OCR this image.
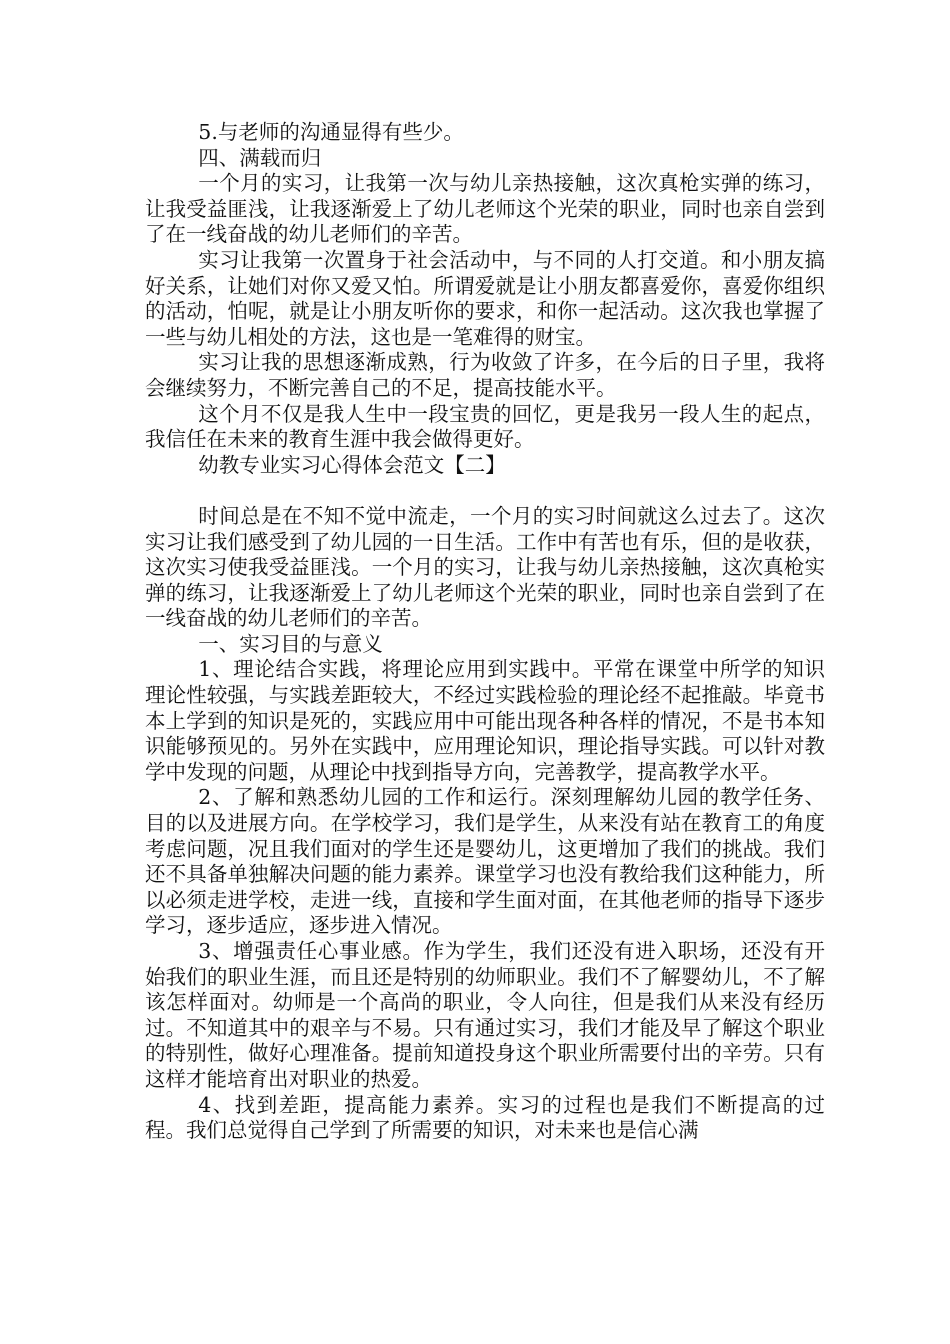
5.与老师的沟通显得有些少。

四、满载而归

一个月的实习，让我第一次与幼儿亲热接触，这次真枪实弹的练习，让我受益匪浅，让我逐渐爱上了幼儿老师这个光荣的职业，同时也亲自尝到了在一线奋战的幼儿老师们的辛苦。

实习让我第一次置身于社会活动中，与不同的人打交道。和小朋友搞好关系，让她们对你又爱又怕。所谓爱就是让小朋友都喜爱你，喜爱你组织的活动，怕呢，就是让小朋友听你的要求，和你一起活动。这次我也掌握了一些与幼儿相处的方法，这也是一笔难得的财宝。

实习让我的思想逐渐成熟，行为收敛了许多，在今后的日子里，我将会继续努力，不断完善自己的不足，提高技能水平。

这个月不仅是我人生中一段宝贵的回忆，更是我另一段人生的起点，我信任在未来的教育生涯中我会做得更好。

幼教专业实习心得体会范文【二】

时间总是在不知不觉中流走，一个月的实习时间就这么过去了。这次实习让我们感受到了幼儿园的一日生活。工作中有苦也有乐，但的是收获，这次实习使我受益匪浅。一个月的实习，让我与幼儿亲热接触，这次真枪实弹的练习，让我逐渐爱上了幼儿老师这个光荣的职业，同时也亲自尝到了在一线奋战的幼儿老师们的辛苦。

一、实习目的与意义

1、理论结合实践，将理论应用到实践中。平常在课堂中所学的知识理论性较强，与实践差距较大，不经过实践检验的理论经不起推敲。毕竟书本上学到的知识是死的，实践应用中可能出现各种各样的情况，不是书本知识能够预见的。另外在实践中，应用理论知识，理论指导实践。可以针对教学中发现的问题，从理论中找到指导方向，完善教学，提高教学水平。

2、了解和熟悉幼儿园的工作和运行。深刻理解幼儿园的教学任务、目的以及进展方向。在学校学习，我们是学生，从来没有站在教育工的角度考虑问题，况且我们面对的学生还是婴幼儿，这更增加了我们的挑战。我们还不具备单独解决问题的能力素养。课堂学习也没有教给我们这种能力，所以必须走进学校，走进一线，直接和学生面对面，在其他老师的指导下逐步学习，逐步适应，逐步进入情况。

3、增强责任心事业感。作为学生，我们还没有进入职场，还没有开始我们的职业生涯，而且还是特别的幼师职业。我们不了解婴幼儿，不了解该怎样面对。幼师是一个高尚的职业，令人向往，但是我们从来没有经历过。不知道其中的艰辛与不易。只有通过实习，我们才能及早了解这个职业的特别性，做好心理准备。提前知道投身这个职业所需要付出的辛劳。只有这样才能培育出对职业的热爱。

4、找到差距，提高能力素养。实习的过程也是我们不断提高的过程。我们总觉得自己学到了所需要的知识，对未来也是信心满
